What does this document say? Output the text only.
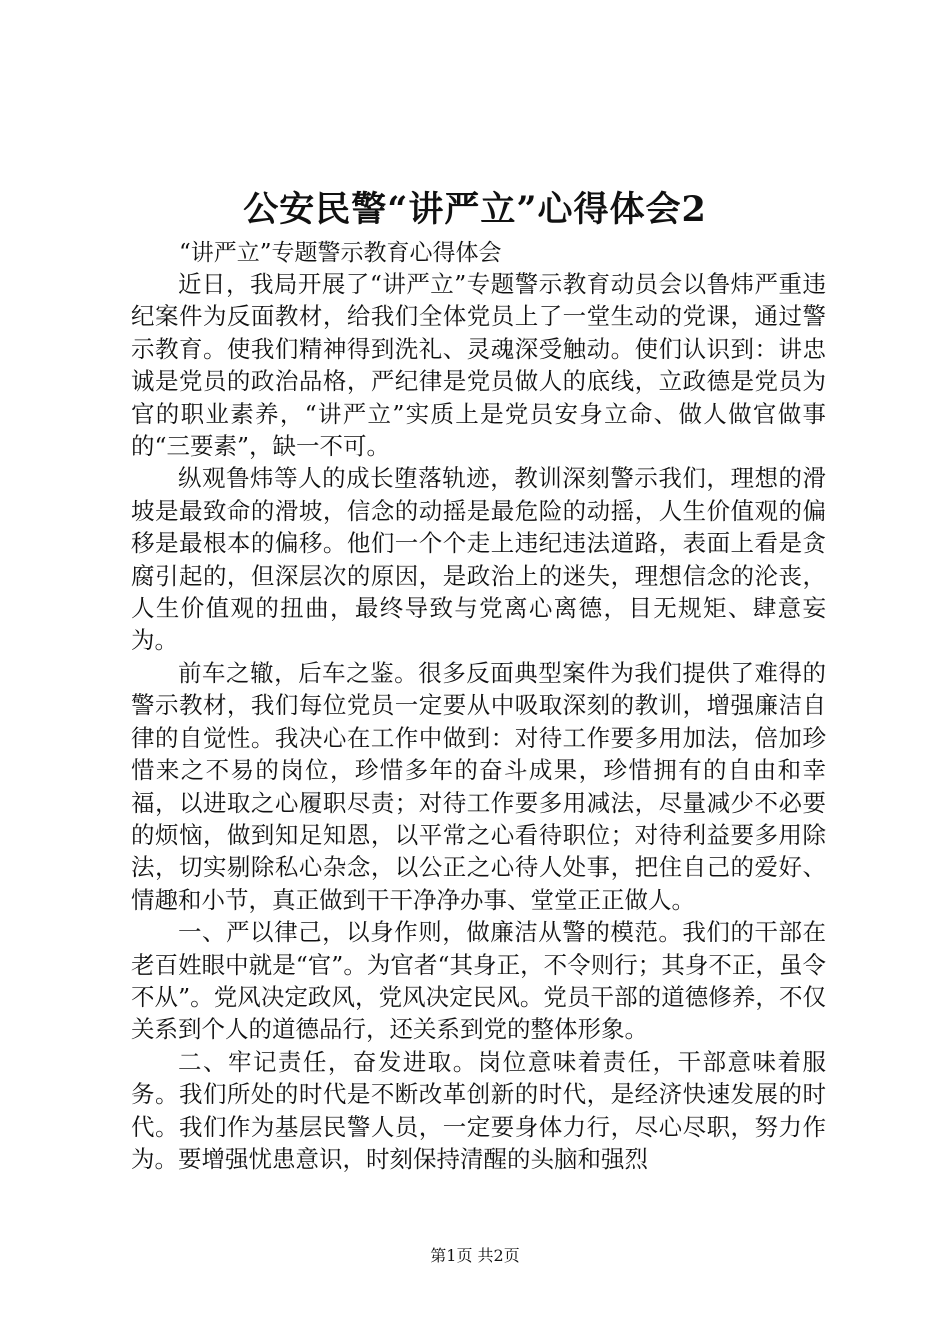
公安民警“讲严立”心得体会2
“讲严立”专题警示教育心得体会

近日，我局开展了“讲严立”专题警示教育动员会以鲁炜严重违纪案件为反面教材，给我们全体党员上了一堂生动的党课，通过警示教育。使我们精神得到洗礼、灵魂深受触动。使们认识到：讲忠诚是党员的政治品格，严纪律是党员做人的底线，立政德是党员为官的职业素养，“讲严立”实质上是党员安身立命、做人做官做事的“三要素”，缺一不可。

纵观鲁炜等人的成长堕落轨迹，教训深刻警示我们，理想的滑坡是最致命的滑坡，信念的动摇是最危险的动摇，人生价值观的偏移是最根本的偏移。他们一个个走上违纪违法道路，表面上看是贪腐引起的，但深层次的原因，是政治上的迷失，理想信念的沦丧，人生价值观的扭曲，最终导致与党离心离德，目无规矩、肆意妄为。

前车之辙，后车之鉴。很多反面典型案件为我们提供了难得的警示教材，我们每位党员一定要从中吸取深刻的教训，增强廉洁自律的自觉性。我决心在工作中做到：对待工作要多用加法，倍加珍惜来之不易的岗位，珍惜多年的奋斗成果，珍惜拥有的自由和幸福，以进取之心履职尽责；对待工作要多用减法，尽量减少不必要的烦恼，做到知足知恩，以平常之心看待职位；对待利益要多用除法，切实剔除私心杂念，以公正之心待人处事，把住自己的爱好、情趣和小节，真正做到干干净净办事、堂堂正正做人。

一、严以律己，以身作则，做廉洁从警的模范。我们的干部在老百姓眼中就是“官”。为官者“其身正，不令则行；其身不正，虽令不从”。党风决定政风，党风决定民风。党员干部的道德修养，不仅关系到个人的道德品行，还关系到党的整体形象。

二、牢记责任，奋发进取。岗位意味着责任，干部意味着服务。我们所处的时代是不断改革创新的时代，是经济快速发展的时代。我们作为基层民警人员，一定要身体力行，尽心尽职，努力作为。要增强忧患意识，时刻保持清醒的头脑和强烈

第1页 共2页
